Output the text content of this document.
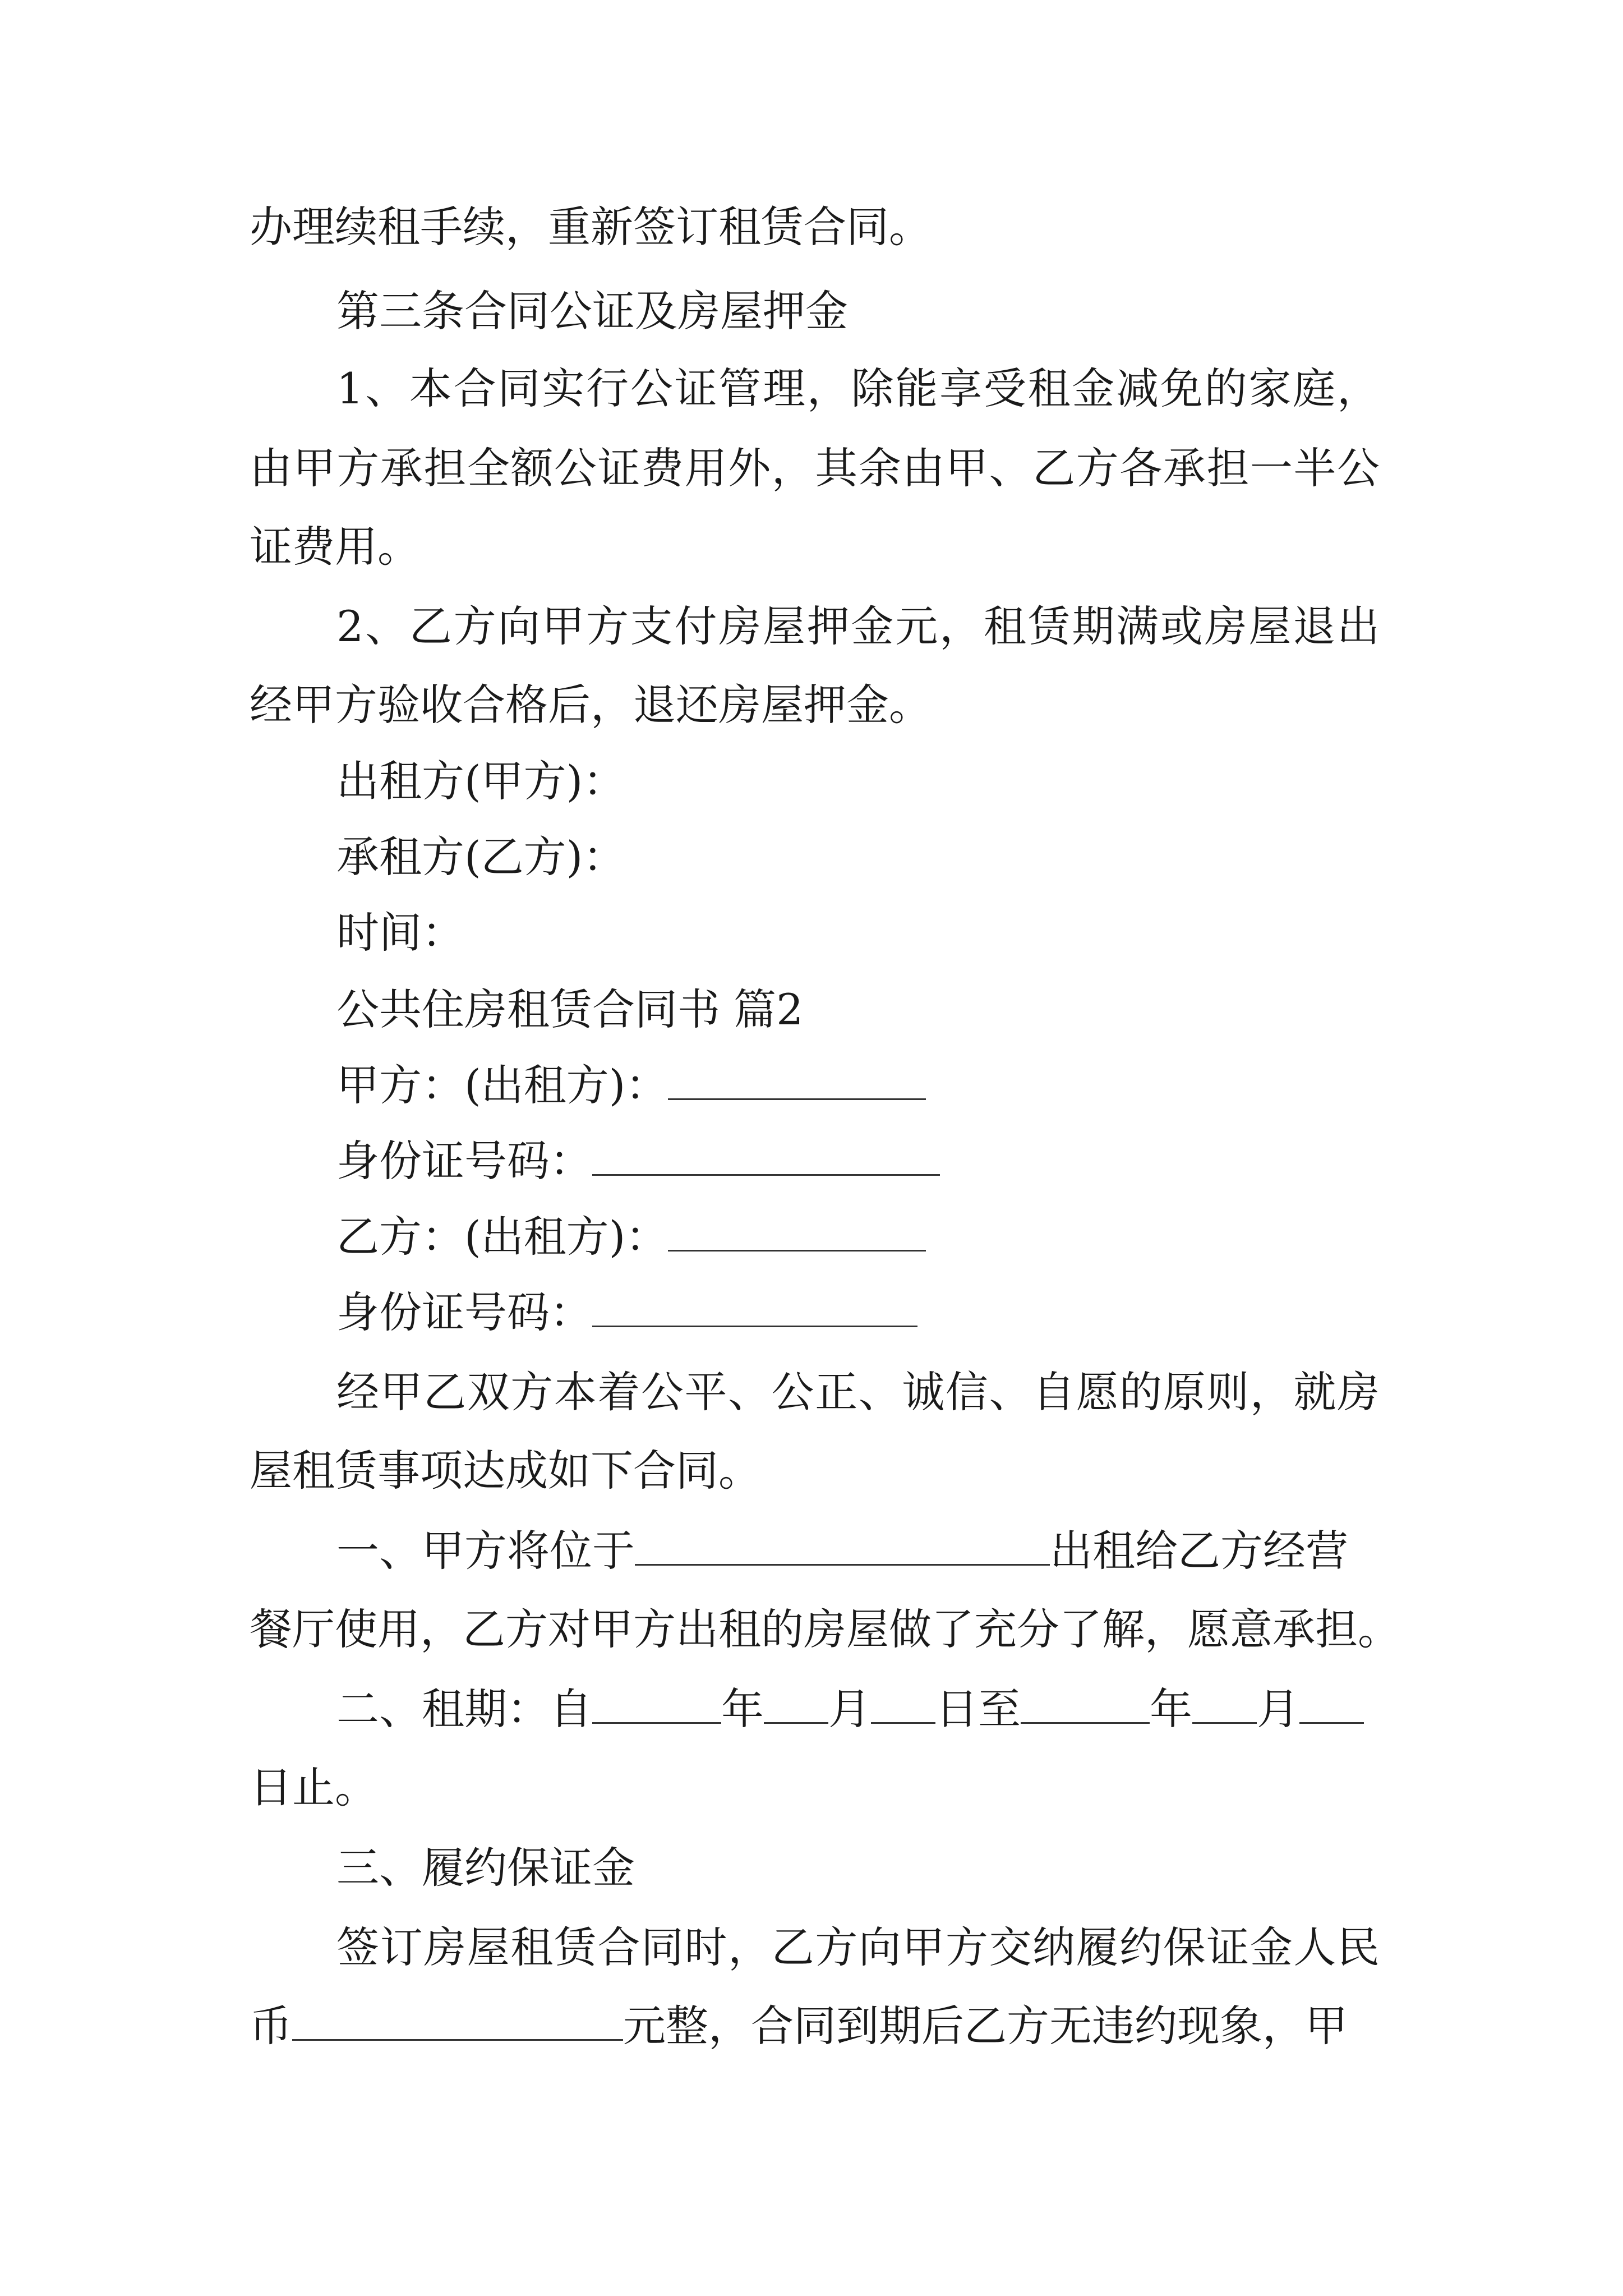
办理续租手续，重新签订租赁合同。
第三条合同公证及房屋押金
1、本合同实行公证管理，除能享受租金减免的家庭，
由甲方承担全额公证费用外，其余由甲、乙方各承担一半公
证费用。
2、乙方向甲方支付房屋押金元，租赁期满或房屋退出
经甲方验收合格后，退还房屋押金。
出租方(甲方)：
承租方(乙方)：
时间：
公共住房租赁合同书 篇2
甲方：(出租方)：
身份证号码：
乙方：(出租方)：
身份证号码：
经甲乙双方本着公平、公正、诚信、自愿的原则，就房
屋租赁事项达成如下合同。
一、甲方将位于	出租给乙方经营
餐厅使用，乙方对甲方出租的房屋做了充分了解，愿意承担。
二、租期：自	年 月 日至	年 月
日止。
三、履约保证金
签订房屋租赁合同时，乙方向甲方交纳履约保证金人民
币	元整，合同到期后乙方无违约现象，甲
